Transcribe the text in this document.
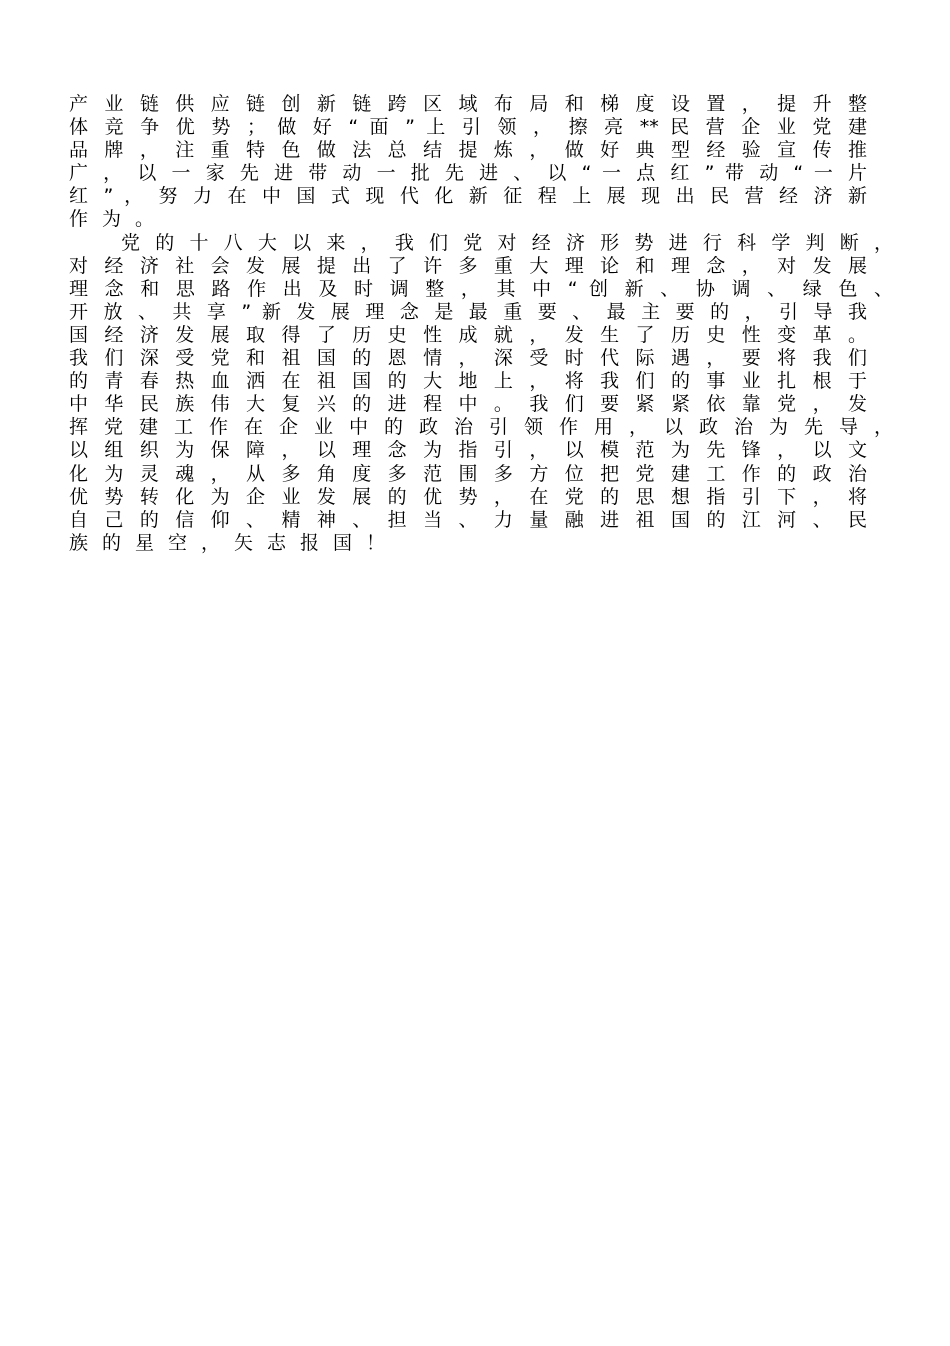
产 业 链 供 应 链 创 新 链 跨 区 域 布 局 和 梯 度 设 置 ， 提 升 整
体 竞 争 优 势 ； 做 好 “ 面 ” 上 引 领 ， 擦 亮 ** 民 营 企 业 党 建
品 牌 ， 注 重 特 色 做 法 总 结 提 炼 ， 做 好 典 型 经 验 宣 传 推
广 ， 以 一 家 先 进 带 动 一 批 先 进 、 以 “ 一 点 红 ” 带 动 “ 一 片
红 ” ， 努 力 在 中 国 式 现 代 化 新 征 程 上 展 现 出 民 营 经 济 新
作为。
党 的 十 八 大 以 来 ， 我 们 党 对 经 济 形 势 进 行 科 学 判 断 ，
对 经 济 社 会 发 展 提 出 了 许 多 重 大 理 论 和 理 念 ， 对 发 展
理 念 和 思 路 作 出 及 时 调 整 ， 其 中 “ 创 新 、 协 调 、 绿 色 、
开 放 、 共 享 ” 新 发 展 理 念 是 最 重 要 、 最 主 要 的 ， 引 导 我
国 经 济 发 展 取 得 了 历 史 性 成 就 ， 发 生 了 历 史 性 变 革 。
我 们 深 受 党 和 祖 国 的 恩 情 ， 深 受 时 代 际 遇 ， 要 将 我 们
的 青 春 热 血 洒 在 祖 国 的 大 地 上 ， 将 我 们 的 事 业 扎 根 于
中 华 民 族 伟 大 复 兴 的 进 程 中 。 我 们 要 紧 紧 依 靠 党 ， 发
挥 党 建 工 作 在 企 业 中 的 政 治 引 领 作 用 ， 以 政 治 为 先 导 ，
以 组 织 为 保 障 ， 以 理 念 为 指 引 ， 以 模 范 为 先 锋 ， 以 文
化 为 灵 魂 ， 从 多 角 度 多 范 围 多 方 位 把 党 建 工 作 的 政 治
优 势 转 化 为 企 业 发 展 的 优 势 ， 在 党 的 思 想 指 引 下 ， 将
自 己 的 信 仰 、 精 神 、 担 当 、 力 量 融 进 祖 国 的 江 河 、 民
族的星空，矢志报国！
